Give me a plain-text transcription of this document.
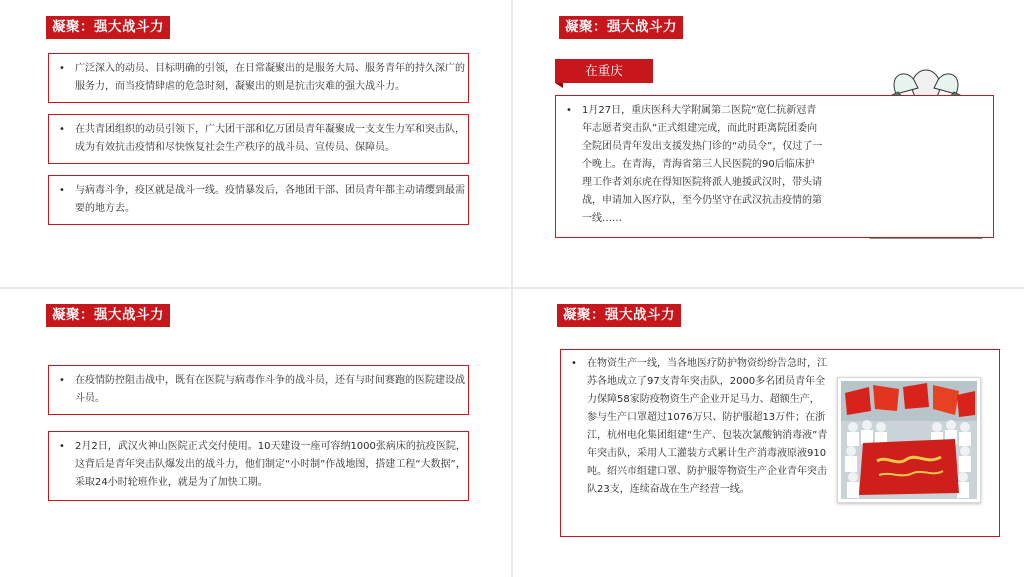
凝聚：强大战斗力
• 广泛深入的动员、目标明确的引领，在日常凝聚出的是服务大局、服务青年的持久深广的服务力，而当疫情肆虐的危急时刻，凝聚出的则是抗击灾难的强大战斗力。
• 在共青团组织的动员引领下，广大团干部和亿万团员青年凝聚成一支支生力军和突击队，成为有效抗击疫情和尽快恢复社会生产秩序的战斗员、宣传员、保障员。
• 与病毒斗争，疫区就是战斗一线。疫情暴发后，各地团干部、团员青年都主动请缨到最需要的地方去。
凝聚：强大战斗力
在重庆
• 1月27日，重庆医科大学附属第二医院“宽仁抗新冠青年志愿者突击队”正式组建完成，而此时距离院团委向全院团员青年发出支援发热门诊的“动员令”，仅过了一个晚上。在青海，青海省第三人民医院的90后临床护理工作者刘东虎在得知医院将派人驰援武汉时，带头请战，申请加入医疗队，至今仍坚守在武汉抗击疫情的第一线……
凝聚：强大战斗力
• 在疫情防控阻击战中，既有在医院与病毒作斗争的战斗员，还有与时间赛跑的医院建设战斗员。
• 2月2日，武汉火神山医院正式交付使用。10天建设一座可容纳1000张病床的抗疫医院，这背后是青年突击队爆发出的战斗力，他们制定“小时制”作战地图，搭建工程“大数据”，采取24小时轮班作业，就是为了加快工期。
凝聚：强大战斗力
• 在物资生产一线，当各地医疗防护物资纷纷告急时，江苏各地成立了97支青年突击队，2000多名团员青年全力保障58家防疫物资生产企业开足马力、超额生产，参与生产口罩超过1076万只、防护服超13万件；在浙江，杭州电化集团组建“生产、包装次氯酸钠消毒液”青年突击队，采用人工灌装方式累计生产消毒液原液910吨。绍兴市组建口罩、防护服等物资生产企业青年突击队23支，连续奋战在生产经营一线。
